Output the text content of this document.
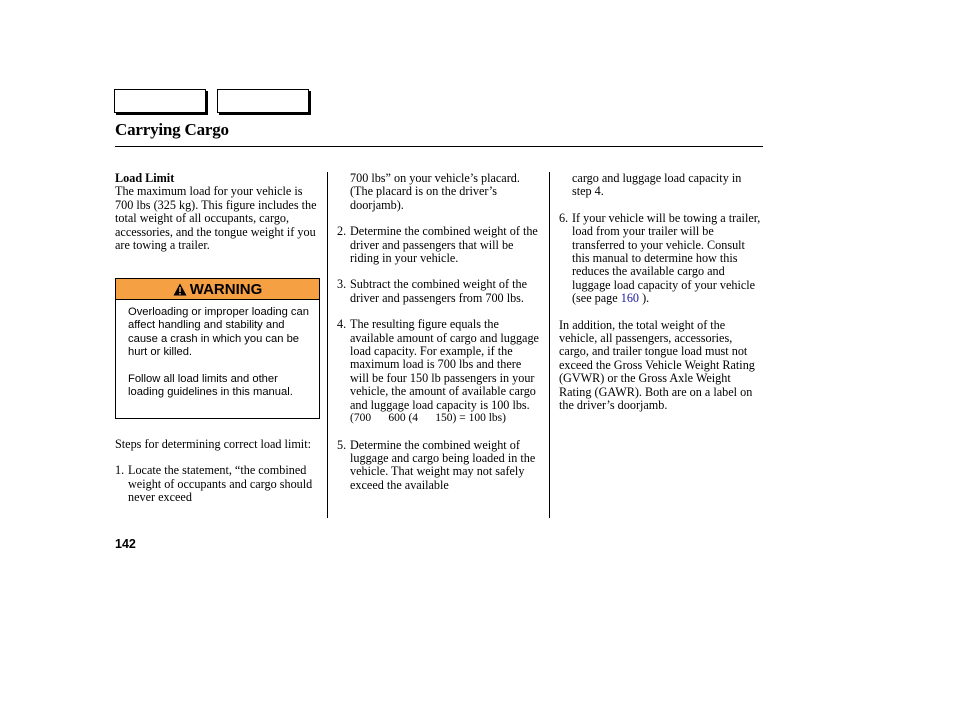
Carrying Cargo

Load Limit

The maximum load for your vehicle is 700 lbs (325 kg). This figure includes the total weight of all occupants, cargo, accessories, and the tongue weight if you are towing a trailer.

WARNING

Overloading or improper loading can affect handling and stability and cause a crash in which you can be hurt or killed.

Follow all load limits and other loading guidelines in this manual.

Steps for determining correct load limit:

1. Locate the statement, “the combined weight of occupants and cargo should never exceed
700 lbs” on your vehicle’s placard. (The placard is on the driver’s doorjamb).

2. Determine the combined weight of the driver and passengers that will be riding in your vehicle.

3. Subtract the combined weight of the driver and passengers from 700 lbs.

4. The resulting figure equals the available amount of cargo and luggage load capacity. For example, if the maximum load is 700 lbs and there will be four 150 lb passengers in your vehicle, the amount of available cargo and luggage load capacity is 100 lbs.
(700      600 (4      150) = 100 lbs)

5. Determine the combined weight of luggage and cargo being loaded in the vehicle. That weight may not safely exceed the available
cargo and luggage load capacity in step 4.

6. If your vehicle will be towing a trailer, load from your trailer will be transferred to your vehicle. Consult this manual to determine how this reduces the available cargo and luggage load capacity of your vehicle (see page 160 ).

In addition, the total weight of the vehicle, all passengers, accessories, cargo, and trailer tongue load must not exceed the Gross Vehicle Weight Rating (GVWR) or the Gross Axle Weight Rating (GAWR). Both are on a label on the driver’s doorjamb.

142
